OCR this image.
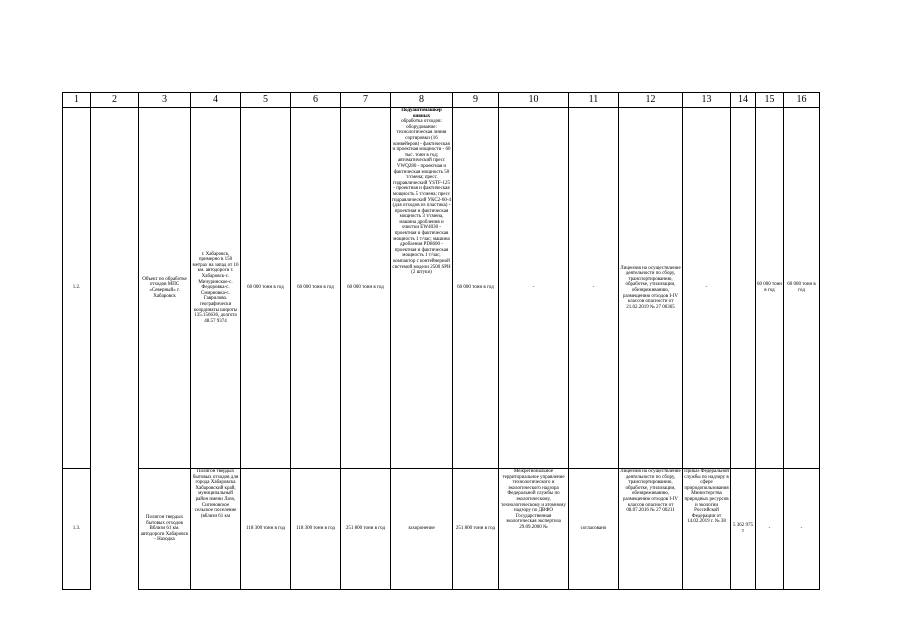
1	2	3	4	5	6	7	8	9	10	11	12	13	14	15	16
1.2.		Объект по обработке отходов МПС «Северный» г. Хабаровск	г. Хабаровск, примерно в 150 метрах на запад от 16 км. автодороги г. Хабаровск-с. Мичуринское-с. Федоровка-с. Смирновка-с. Гаврилово. географически координаты широты 135.156636, долгота 48.57 9374	60 000 тонн в год	60 000 тонн в год	60 000 тонн в год	Подуаштомашкер оивных
обработка отходов: оборудование: технологическая линия сортировки (16 конвейеров) - фактическая и проектная мощности - 60 тыс. тонн в год; автоматический пресс VWQ280 - проектная и фактическая мощность 50 т/смена; пресс гидравлический YSTF-125 - проектная и фактическая мощность 5 т/смена; пресс гидравлический УКС2-60-4 (для отходов из пластика) - проектная и фактическая мощность 3 т/смена, машина дробления и очистки EW4030 - проектная и фактическая мощность 1 т/час; машина дробления PD8600 - проектная и фактическая мощность 1 т/час; компактор с контейнерной системой модели 2500 SPH (2 штуки)	60 000 тонн в год	-	-	Лицензия на осуществление деятельности по сбору, транспортированию, обработке, утилизации, обезвреживанию, размещению отходов I-IV классов опасности от 21.02.2019 № 27 00365	-		60 000 тонн в год	60 000 тонн в год
1.3.		Полигон твердых бытовых отходов Вблизи 61 км. автодороги Хабаровск - Находка	Полигон твердых бытовых отходов для города Хабаровска Хабаровский край, муниципальный район имени Лазо, Сигиновское сельское поселение (вблизи 61 км	118 300 тонн в год	118 300 тонн в год	251 800 тонн в год	захоронение	251 800 тонн в год	Межрегиональное территориальное управление технологического и экологического надзора Федеральной службы по экологическому, технологическому и атомному надзору по ДВФО Государственная экологическая экспертиза 29.09.2000 №	согласовано	Лицензия на осуществление деятельности по сбору, транспортированию, обработке, утилизации, обезвреживанию, размещению отходов I-IV классов опасности от 08.07.2016 № 27 00211	Приказ Федеральной службы по надзору в сфере природопользования Министерства природных ресурсов и экологии Российской Федерации от 14.02.2019 г. № 38	5 362 975 т	-	-
